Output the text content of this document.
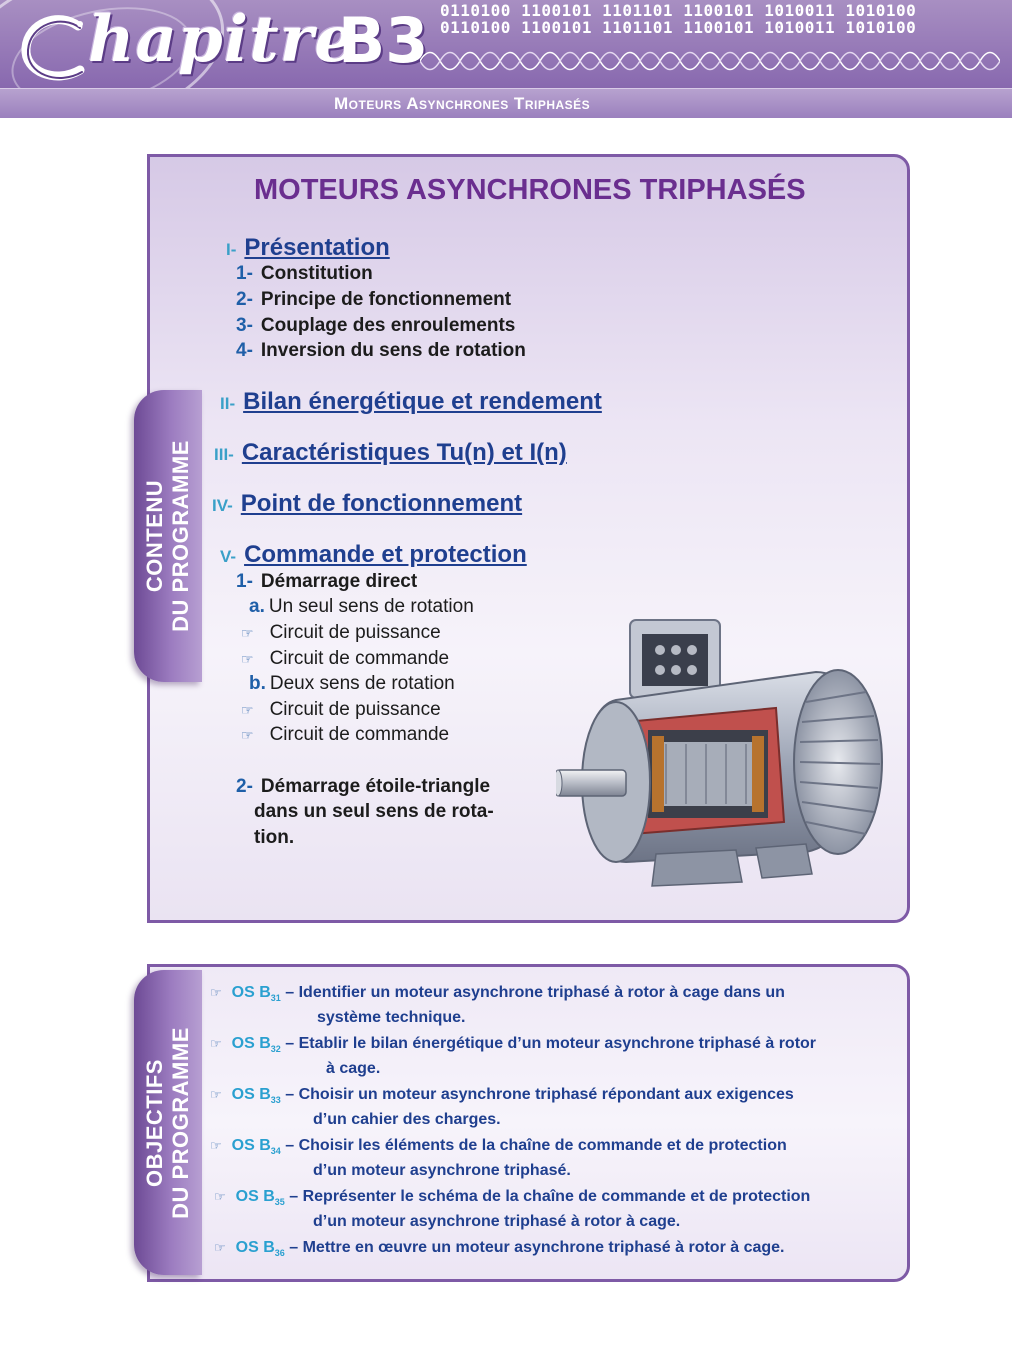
hapitre
B3 0110100 1100101 1101101 1100101 1010011 1010100
0110100 1100101 1101101 1100101 1010011 1010100
Moteurs Asynchrones Triphasés
CONTENU DU PROGRAMME
MOTEURS ASYNCHRONES TRIPHASÉS
I- Présentation
1- Constitution
2- Principe de fonctionnement
3- Couplage des enroulements
4- Inversion du sens de rotation
II- Bilan énergétique et rendement
III- Caractéristiques Tu(n) et I(n)
IV- Point de fonctionnement
V- Commande et protection
1- Démarrage direct
a. Un seul sens de rotation
☞ Circuit de puissance
☞ Circuit de commande
b. Deux sens de rotation
☞ Circuit de puissance
☞ Circuit de commande
2- Démarrage étoile-triangle
dans un seul sens de rota-
tion.
OBJECTIFS DU PROGRAMME
☞ OS $B_{31}$ – Identifier un moteur asynchrone triphasé à rotor à cage dans un
système technique.
☞ OS $B_{32}$ – Etablir le bilan énergétique d’un moteur asynchrone triphasé à rotor
à cage.
☞ OS $B_{33}$ – Choisir un moteur asynchrone triphasé répondant aux exigences
d’un cahier des charges.
☞ OS $B_{34}$ – Choisir les éléments de la chaîne de commande et de protection
d’un moteur asynchrone triphasé.
☞ OS $B_{35}$ – Représenter le schéma de la chaîne de commande et de protection
d’un moteur asynchrone triphasé à rotor à cage.
☞ OS $B_{36}$ – Mettre en œuvre un moteur asynchrone triphasé à rotor à cage.
